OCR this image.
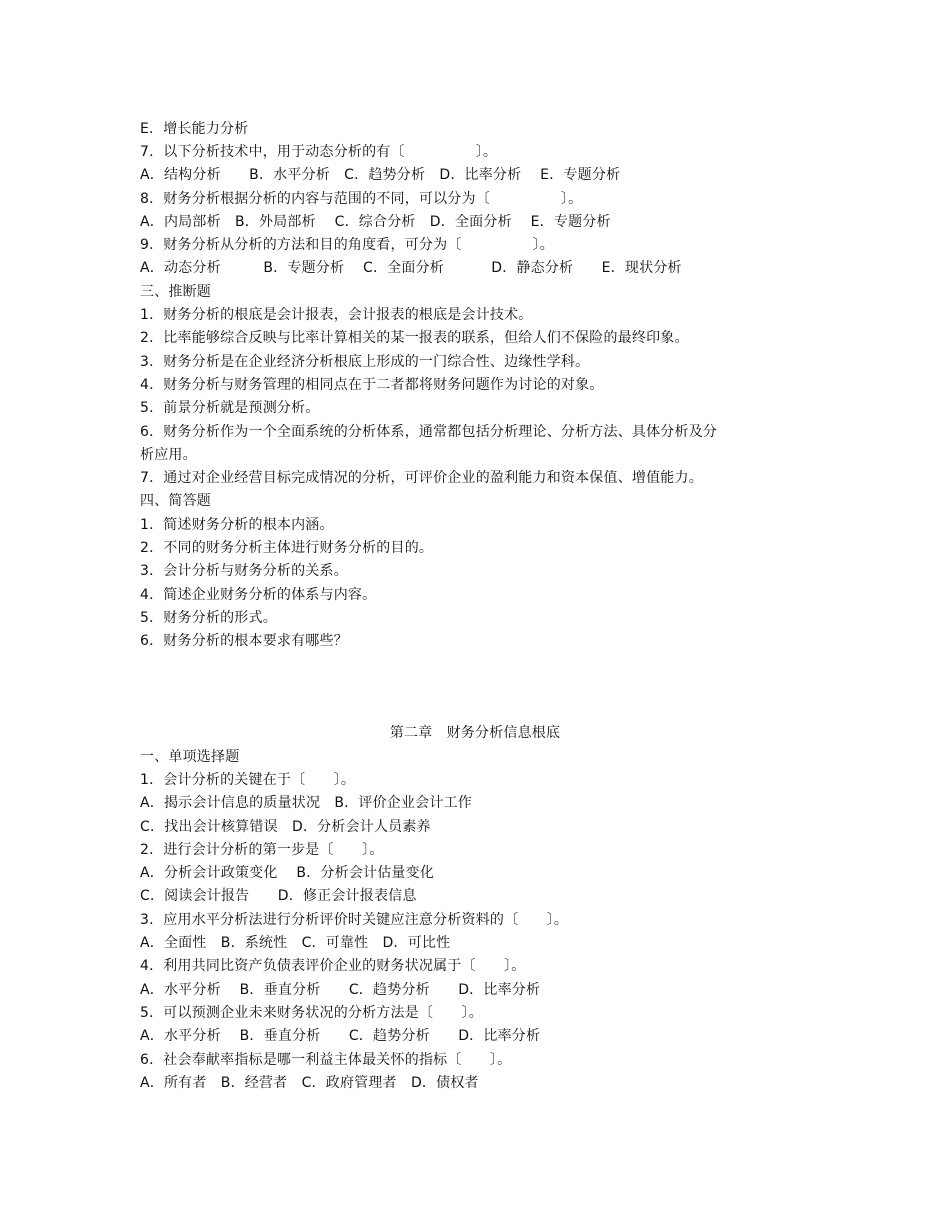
E．增长能力分析
7．以下分析技术中，用于动态分析的有〔　　　　　〕。
A．结构分析　　B．水平分析　C．趋势分析　D．比率分析　 E．专题分析
8．财务分析根据分析的内容与范围的不同，可以分为〔　　　　　〕。
A．内局部析　B．外局部析　 C．综合分析　D．全面分析　 E．专题分析
9．财务分析从分析的方法和目的角度看，可分为〔　　　　　〕。
A．动态分析　　　B．专题分析　 C．全面分析　　　 D．静态分析　　E．现状分析
三、推断题
1．财务分析的根底是会计报表，会计报表的根底是会计技术。
2．比率能够综合反映与比率计算相关的某一报表的联系，但给人们不保险的最终印象。
3．财务分析是在企业经济分析根底上形成的一门综合性、边缘性学科。
4．财务分析与财务管理的相同点在于二者都将财务问题作为讨论的对象。
5．前景分析就是预测分析。
6．财务分析作为一个全面系统的分析体系，通常都包括分析理论、分析方法、具体分析及分
析应用。
7．通过对企业经营目标完成情况的分析，可评价企业的盈利能力和资本保值、增值能力。
四、简答题
1．简述财务分析的根本内涵。
2．不同的财务分析主体进行财务分析的目的。
3．会计分析与财务分析的关系。
4．简述企业财务分析的体系与内容。
5．财务分析的形式。
6．财务分析的根本要求有哪些？
第二章　财务分析信息根底
一、单项选择题
1．会计分析的关键在于〔　　〕。
A．揭示会计信息的质量状况　B．评价企业会计工作
C．找出会计核算错误　D．分析会计人员素养
2．进行会计分析的第一步是〔　　〕。
A．分析会计政策变化　 B．分析会计估量变化
C．阅读会计报告　　D．修正会计报表信息
3．应用水平分析法进行分析评价时关键应注意分析资料的〔　　〕。
A．全面性　B．系统性　C．可靠性　D．可比性
4．利用共同比资产负债表评价企业的财务状况属于〔　　〕。
A．水平分析　 B．垂直分析　　C．趋势分析　　D．比率分析
5．可以预测企业未来财务状况的分析方法是〔　　〕。
A．水平分析　 B．垂直分析　　C．趋势分析　　D．比率分析
6．社会奉献率指标是哪一利益主体最关怀的指标〔　　〕。
A．所有者　B．经营者　C．政府管理者　D．债权者
